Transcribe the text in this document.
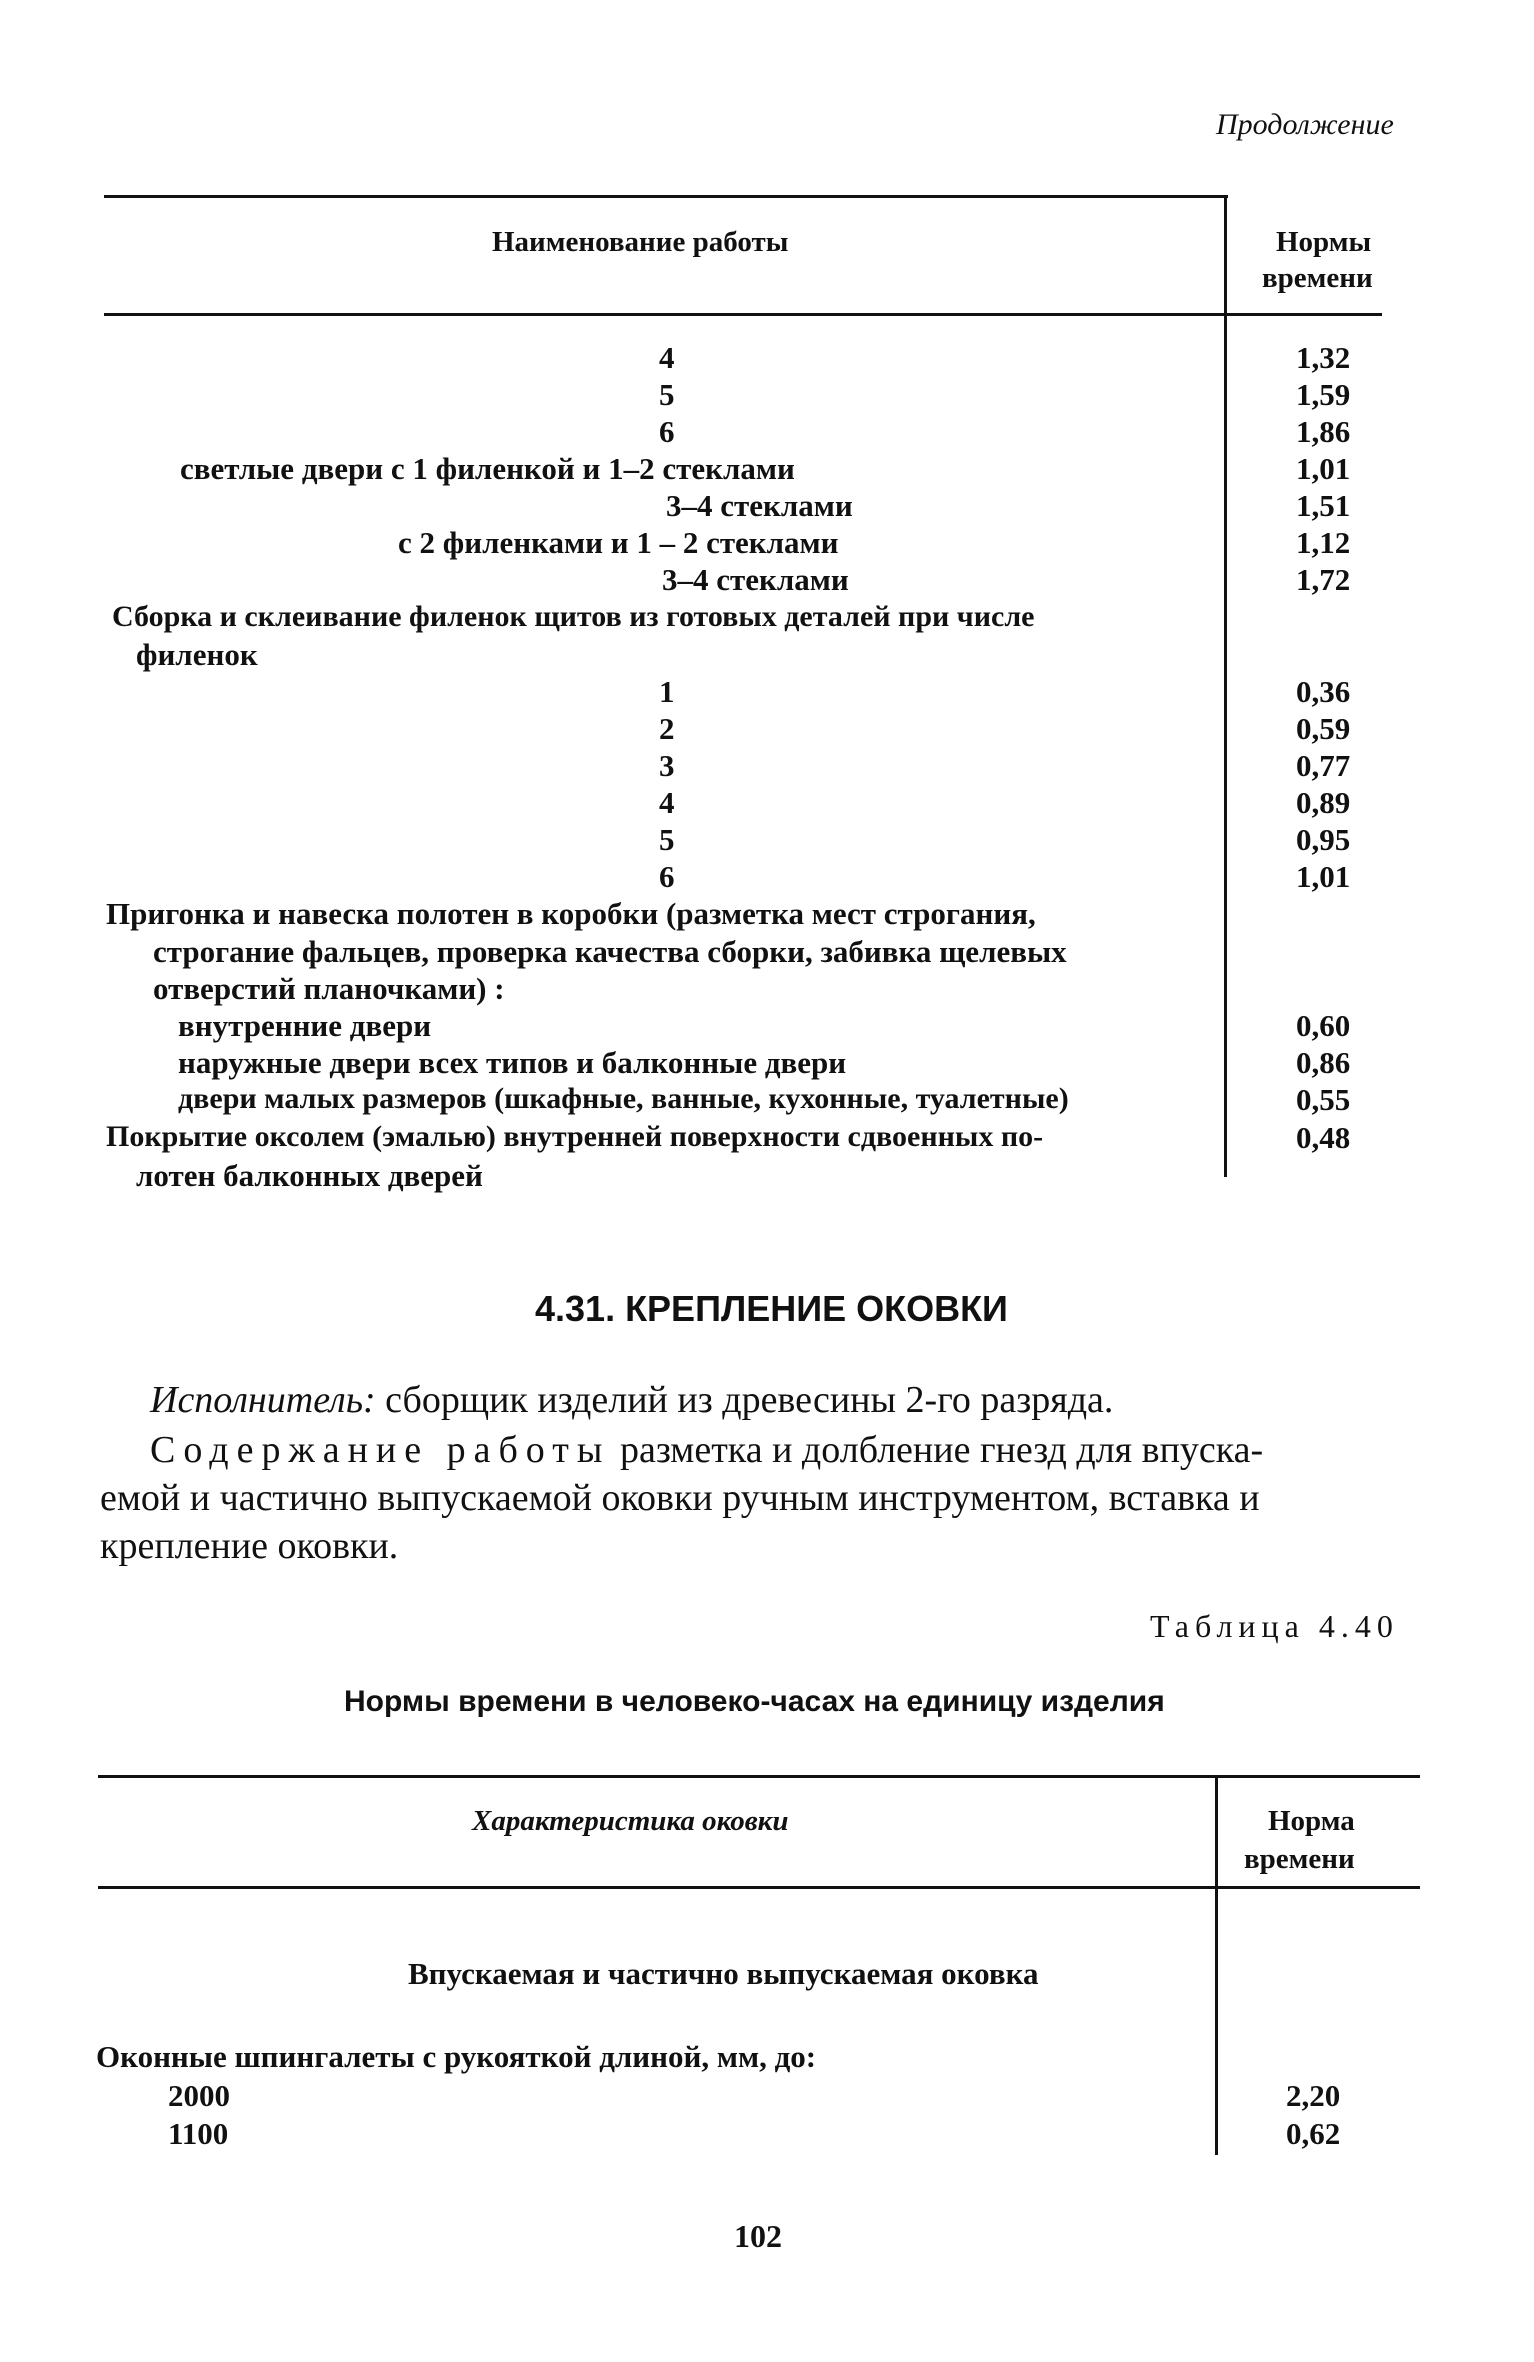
Продолжение
Наименование работы	Нормы
времени
4	1,32
5	1,59
6	1,86
светлые двери с 1 филенкой и 1–2 стеклами	1,01
3–4 стеклами	1,51
с 2 филенками и 1 – 2 стеклами	1,12
3–4 стеклами	1,72
Сборка и склеивание филенок щитов из готовых деталей при числе
филенок
1	0,36
2	0,59
3	0,77
4	0,89
5	0,95
6	1,01
Пригонка и навеска полотен в коробки (разметка мест строгания,
строгание фальцев, проверка качества сборки, забивка щелевых
отверстий планочками) :
внутренние двери	0,60
наружные двери всех типов и балконные двери	0,86
двери малых размеров (шкафные, ванные, кухонные, туалетные)	0,55
Покрытие оксолем (эмалью) внутренней поверхности сдвоенных по-	0,48
лотен балконных дверей
4.31. КРЕПЛЕНИЕ ОКОВКИ
Исполнитель: сборщик изделий из древесины 2-го разряда.
Содержание работы разметка и долбление гнезд для впуска-
емой и частично выпускаемой оковки ручным инструментом, вставка и
крепление оковки.
Таблица 4.40
Нормы времени в человеко-часах на единицу изделия
Характеристика оковки	Норма
времени
Впускаемая и частично выпускаемая оковка
Оконные шпингалеты с рукояткой длиной, мм, до:
2000	2,20
1100	0,62
102
